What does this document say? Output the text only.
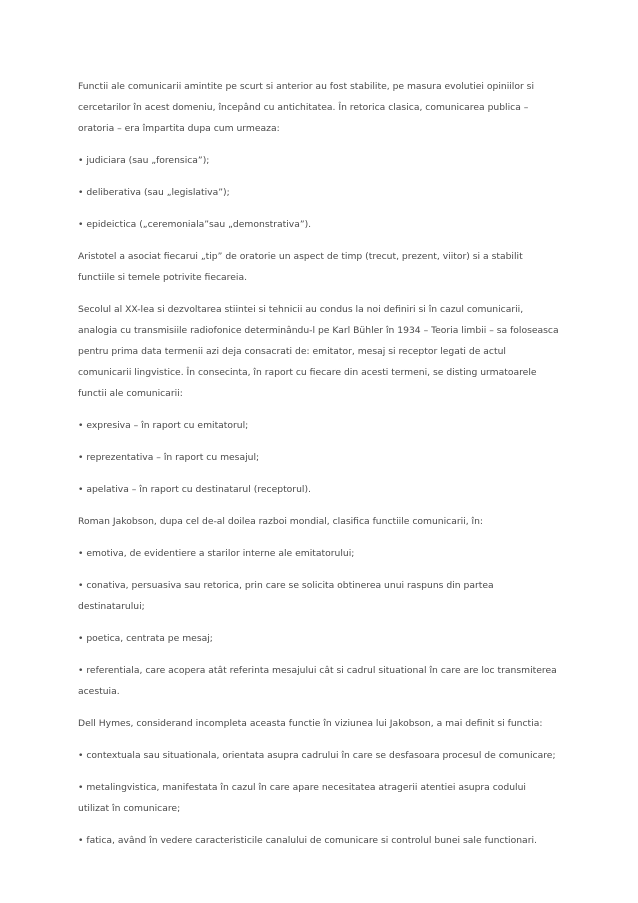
Functii ale comunicarii amintite pe scurt si anterior au fost stabilite, pe masura evolutiei opiniilor si cercetarilor în acest domeniu, începând cu antichitatea. În retorica clasica, comunicarea publica – oratoria – era împartita dupa cum urmeaza:

• judiciara (sau „forensica”);

• deliberativa (sau „legislativa”);

• epideictica („ceremoniala”sau „demonstrativa”).

Aristotel a asociat fiecarui „tip” de oratorie un aspect de timp (trecut, prezent, viitor) si a stabilit functiile si temele potrivite fiecareia.

Secolul al XX-lea si dezvoltarea stiintei si tehnicii au condus la noi definiri si în cazul comunicarii, analogia cu transmisiile radiofonice determinându-l pe Karl Bühler în 1934 – Teoria limbii – sa foloseasca pentru prima data termenii azi deja consacrati de: emitator, mesaj si receptor legati de actul comunicarii lingvistice. În consecinta, în raport cu fiecare din acesti termeni, se disting urmatoarele functii ale comunicarii:

• expresiva – în raport cu emitatorul;

• reprezentativa – în raport cu mesajul;

• apelativa – în raport cu destinatarul (receptorul).

Roman Jakobson, dupa cel de-al doilea razboi mondial, clasifica functiile comunicarii, în:

• emotiva, de evidentiere a starilor interne ale emitatorului;

• conativa, persuasiva sau retorica, prin care se solicita obtinerea unui raspuns din partea destinatarului;

• poetica, centrata pe mesaj;

• referentiala, care acopera atât referinta mesajului cât si cadrul situational în care are loc transmiterea acestuia.

Dell Hymes, considerand incompleta aceasta functie în viziunea lui Jakobson, a mai definit si functia:

• contextuala sau situationala, orientata asupra cadrului în care se desfasoara procesul de comunicare;

• metalingvistica, manifestata în cazul în care apare necesitatea atragerii atentiei asupra codului utilizat în comunicare;

• fatica, având în vedere caracteristicile canalului de comunicare si controlul bunei sale functionari.
